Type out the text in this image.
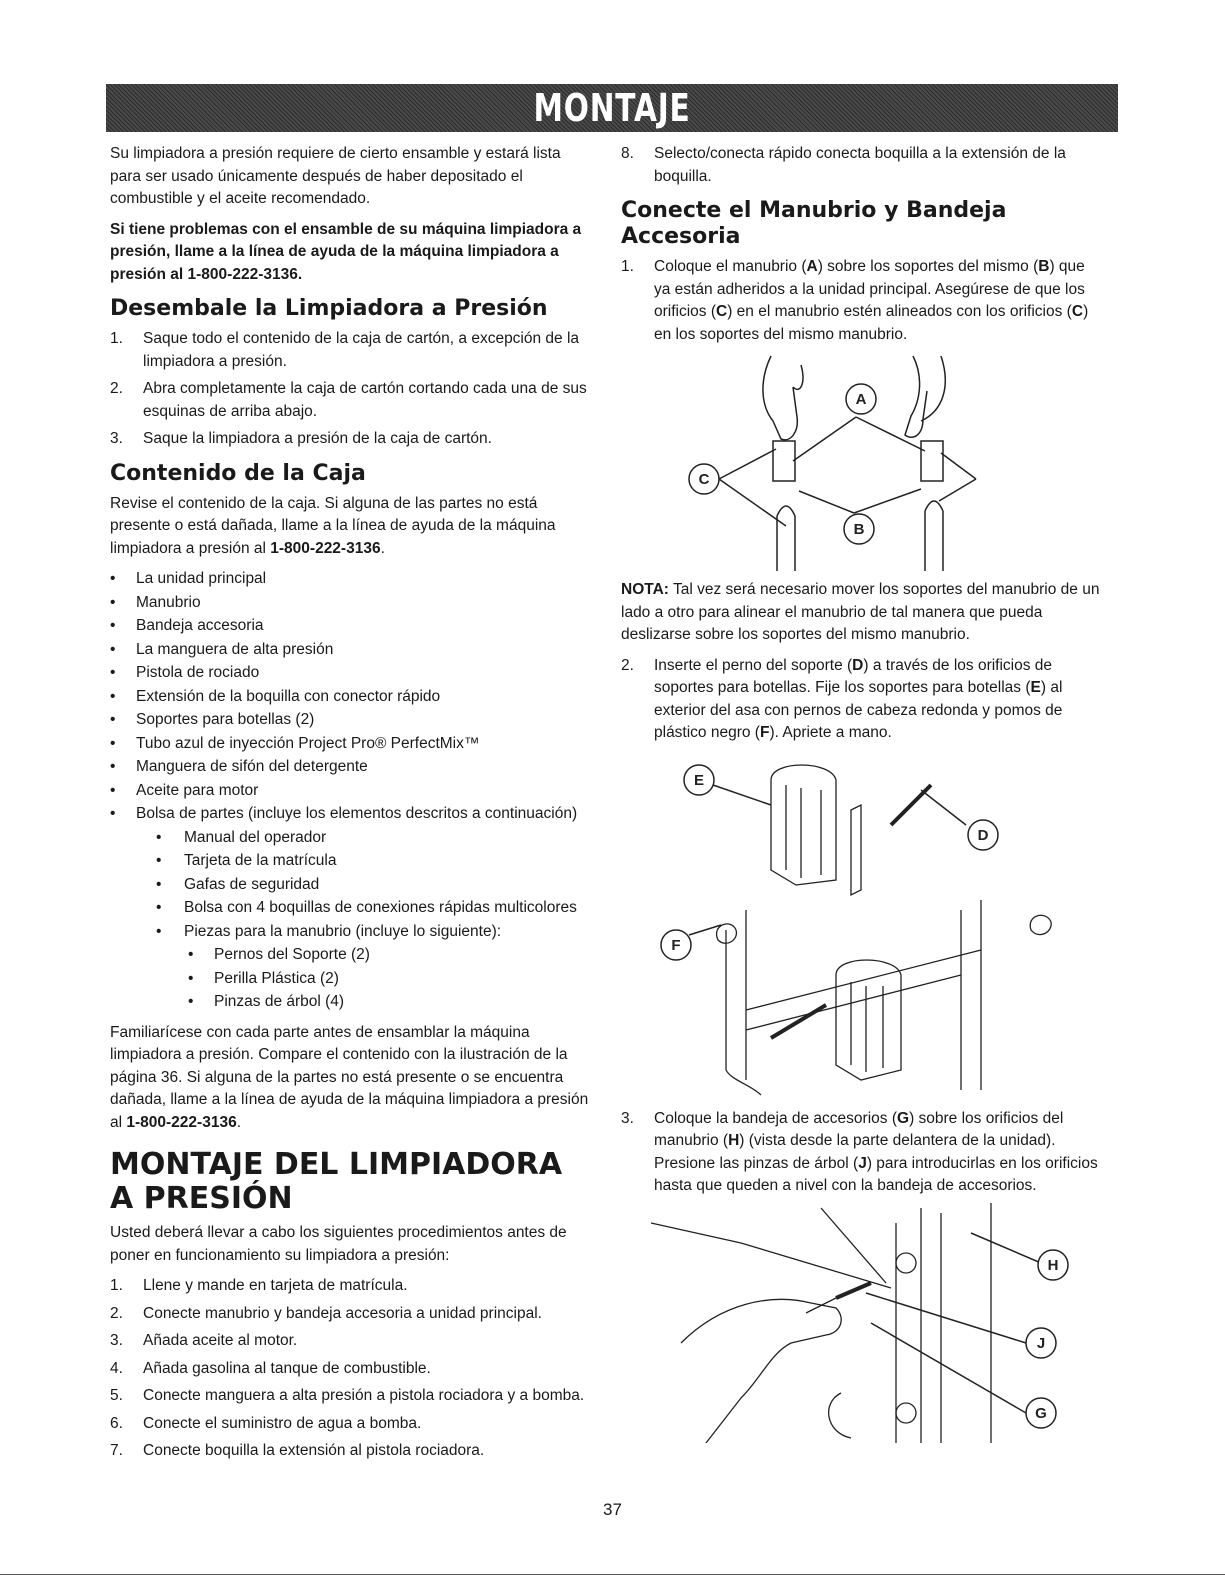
MONTAJE

Su limpiadora a presión requiere de cierto ensamble y estará lista para ser usado únicamente después de haber depositado el combustible y el aceite recomendado.

Si tiene problemas con el ensamble de su máquina limpiadora a presión, llame a la línea de ayuda de la máquina limpiadora a presión al 1-800-222-3136.

Desembale la Limpiadora a Presión
1. Saque todo el contenido de la caja de cartón, a excepción de la limpiadora a presión.
2. Abra completamente la caja de cartón cortando cada una de sus esquinas de arriba abajo.
3. Saque la limpiadora a presión de la caja de cartón.
Contenido de la Caja

Revise el contenido de la caja. Si alguna de las partes no está presente o está dañada, llame a la línea de ayuda de la máquina limpiadora a presión al 1-800-222-3136.

• La unidad principal
• Manubrio
• Bandeja accesoria
• La manguera de alta presión
• Pistola de rociado
• Extensión de la boquilla con conector rápido
• Soportes para botellas (2)
• Tubo azul de inyección Project Pro® PerfectMix™
• Manguera de sifón del detergente
• Aceite para motor
• Bolsa de partes (incluye los elementos descritos a continuación)
• Manual del operador
• Tarjeta de la matrícula
• Gafas de seguridad
• Bolsa con 4 boquillas de conexiones rápidas multicolores
• Piezas para la manubrio (incluye lo siguiente):
• Pernos del Soporte (2)
• Perilla Plástica (2)
• Pinzas de árbol (4)

Familiarícese con cada parte antes de ensamblar la máquina limpiadora a presión. Compare el contenido con la ilustración de la página 36. Si alguna de la partes no está presente o se encuentra dañada, llame a la línea de ayuda de la máquina limpiadora a presión al 1-800-222-3136.

MONTAJE DEL LIMPIADORA A PRESIÓN

Usted deberá llevar a cabo los siguientes procedimientos antes de poner en funcionamiento su limpiadora a presión:

1. Llene y mande en tarjeta de matrícula.
2. Conecte manubrio y bandeja accesoria a unidad principal.
3. Añada aceite al motor.
4. Añada gasolina al tanque de combustible.
5. Conecte manguera a alta presión a pistola rociadora y a bomba.
6. Conecte el suministro de agua a bomba.
7. Conecte boquilla la extensión al pistola rociadora.
8. Selecto/conecta rápido conecta boquilla a la extensión de la boquilla.
Conecte el Manubrio y Bandeja Accesoria
1. Coloque el manubrio (A) sobre los soportes del mismo (B) que ya están adheridos a la unidad principal. Asegúrese de que los orificios (C) en el manubrio estén alineados con los orificios (C) en los soportes del mismo manubrio.
A
C
B

NOTA: Tal vez será necesario mover los soportes del manubrio de un lado a otro para alinear el manubrio de tal manera que pueda deslizarse sobre los soportes del mismo manubrio.

2. Inserte el perno del soporte (D) a través de los orificios de soportes para botellas. Fije los soportes para botellas (E) al exterior del asa con pernos de cabeza redonda y pomos de plástico negro (F). Apriete a mano.
E
D
F
3. Coloque la bandeja de accesorios (G) sobre los orificios del manubrio (H) (vista desde la parte delantera de la unidad). Presione las pinzas de árbol (J) para introducirlas en los orificios hasta que queden a nivel con la bandeja de accesorios.
H
J
G
37
